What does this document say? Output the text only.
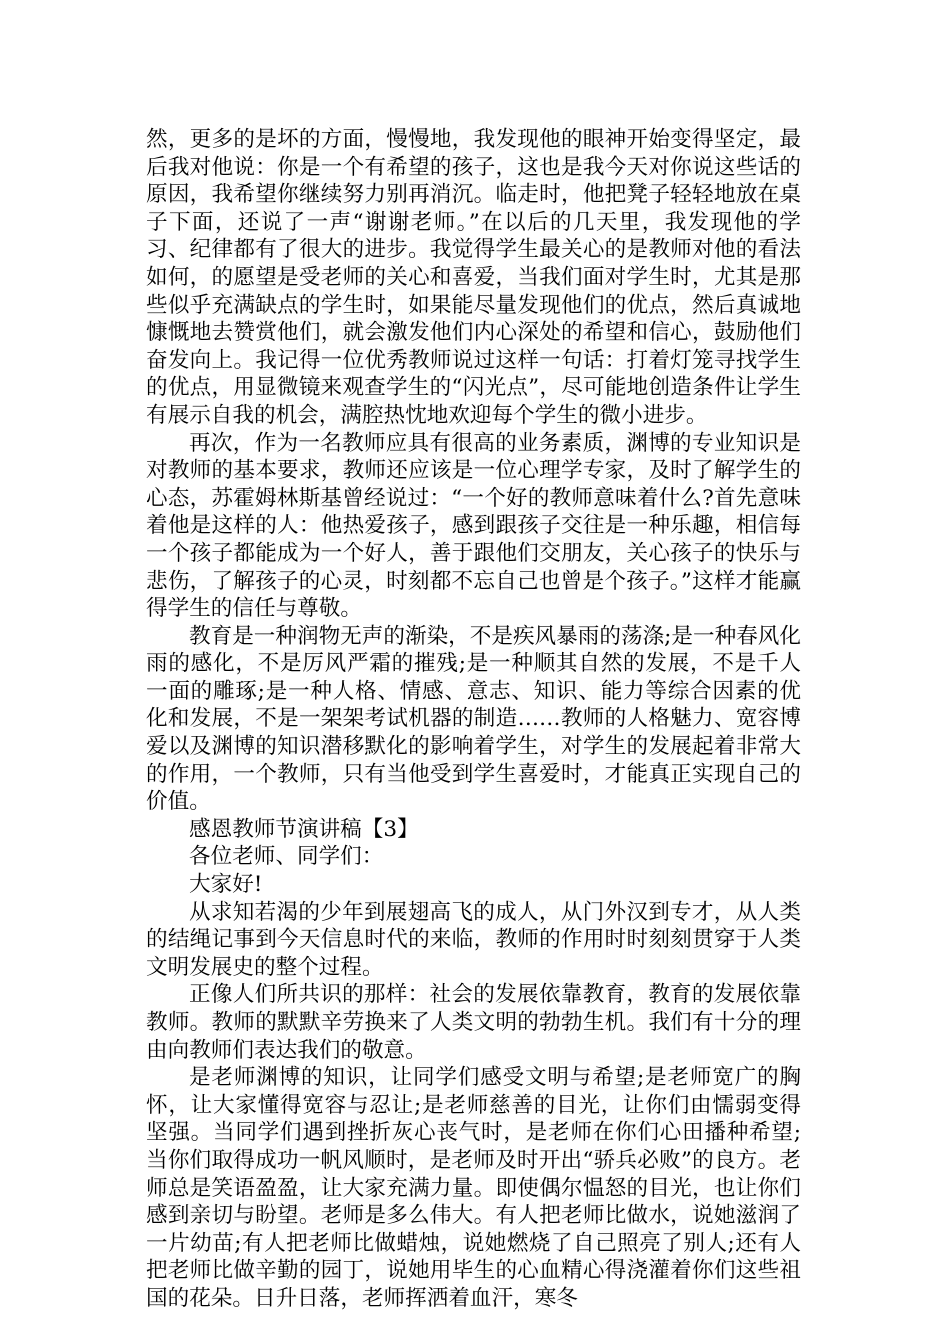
然，更多的是坏的方面，慢慢地，我发现他的眼神开始变得坚定，最后我对他说：你是一个有希望的孩子，这也是我今天对你说这些话的原因，我希望你继续努力别再消沉。临走时，他把凳子轻轻地放在桌子下面，还说了一声“谢谢老师。”在以后的几天里，我发现他的学习、纪律都有了很大的进步。我觉得学生最关心的是教师对他的看法如何，的愿望是受老师的关心和喜爱，当我们面对学生时，尤其是那些似乎充满缺点的学生时，如果能尽量发现他们的优点，然后真诚地慷慨地去赞赏他们，就会激发他们内心深处的希望和信心，鼓励他们奋发向上。我记得一位优秀教师说过这样一句话：打着灯笼寻找学生的优点，用显微镜来观查学生的“闪光点”，尽可能地创造条件让学生有展示自我的机会，满腔热忱地欢迎每个学生的微小进步。

再次，作为一名教师应具有很高的业务素质，渊博的专业知识是对教师的基本要求，教师还应该是一位心理学专家，及时了解学生的心态，苏霍姆林斯基曾经说过：“一个好的教师意味着什么?首先意味着他是这样的人：他热爱孩子，感到跟孩子交往是一种乐趣，相信每一个孩子都能成为一个好人，善于跟他们交朋友，关心孩子的快乐与悲伤，了解孩子的心灵，时刻都不忘自己也曾是个孩子。”这样才能赢得学生的信任与尊敬。

教育是一种润物无声的渐染，不是疾风暴雨的荡涤;是一种春风化雨的感化，不是厉风严霜的摧残;是一种顺其自然的发展，不是千人一面的雕琢;是一种人格、情感、意志、知识、能力等综合因素的优化和发展，不是一架架考试机器的制造……教师的人格魅力、宽容博爱以及渊博的知识潜移默化的影响着学生，对学生的发展起着非常大的作用，一个教师，只有当他受到学生喜爱时，才能真正实现自己的价值。

感恩教师节演讲稿【3】

各位老师、同学们：

大家好!

从求知若渴的少年到展翅高飞的成人，从门外汉到专才，从人类的结绳记事到今天信息时代的来临，教师的作用时时刻刻贯穿于人类文明发展史的整个过程。

正像人们所共识的那样：社会的发展依靠教育，教育的发展依靠教师。教师的默默辛劳换来了人类文明的勃勃生机。我们有十分的理由向教师们表达我们的敬意。

是老师渊博的知识，让同学们感受文明与希望;是老师宽广的胸怀，让大家懂得宽容与忍让;是老师慈善的目光，让你们由懦弱变得坚强。当同学们遇到挫折灰心丧气时，是老师在你们心田播种希望;当你们取得成功一帆风顺时，是老师及时开出“骄兵必败”的良方。老师总是笑语盈盈，让大家充满力量。即使偶尔愠怒的目光，也让你们感到亲切与盼望。老师是多么伟大。有人把老师比做水，说她滋润了一片幼苗;有人把老师比做蜡烛，说她燃烧了自己照亮了别人;还有人把老师比做辛勤的园丁，说她用毕生的心血精心得浇灌着你们这些祖国的花朵。日升日落，老师挥洒着血汗，寒冬
